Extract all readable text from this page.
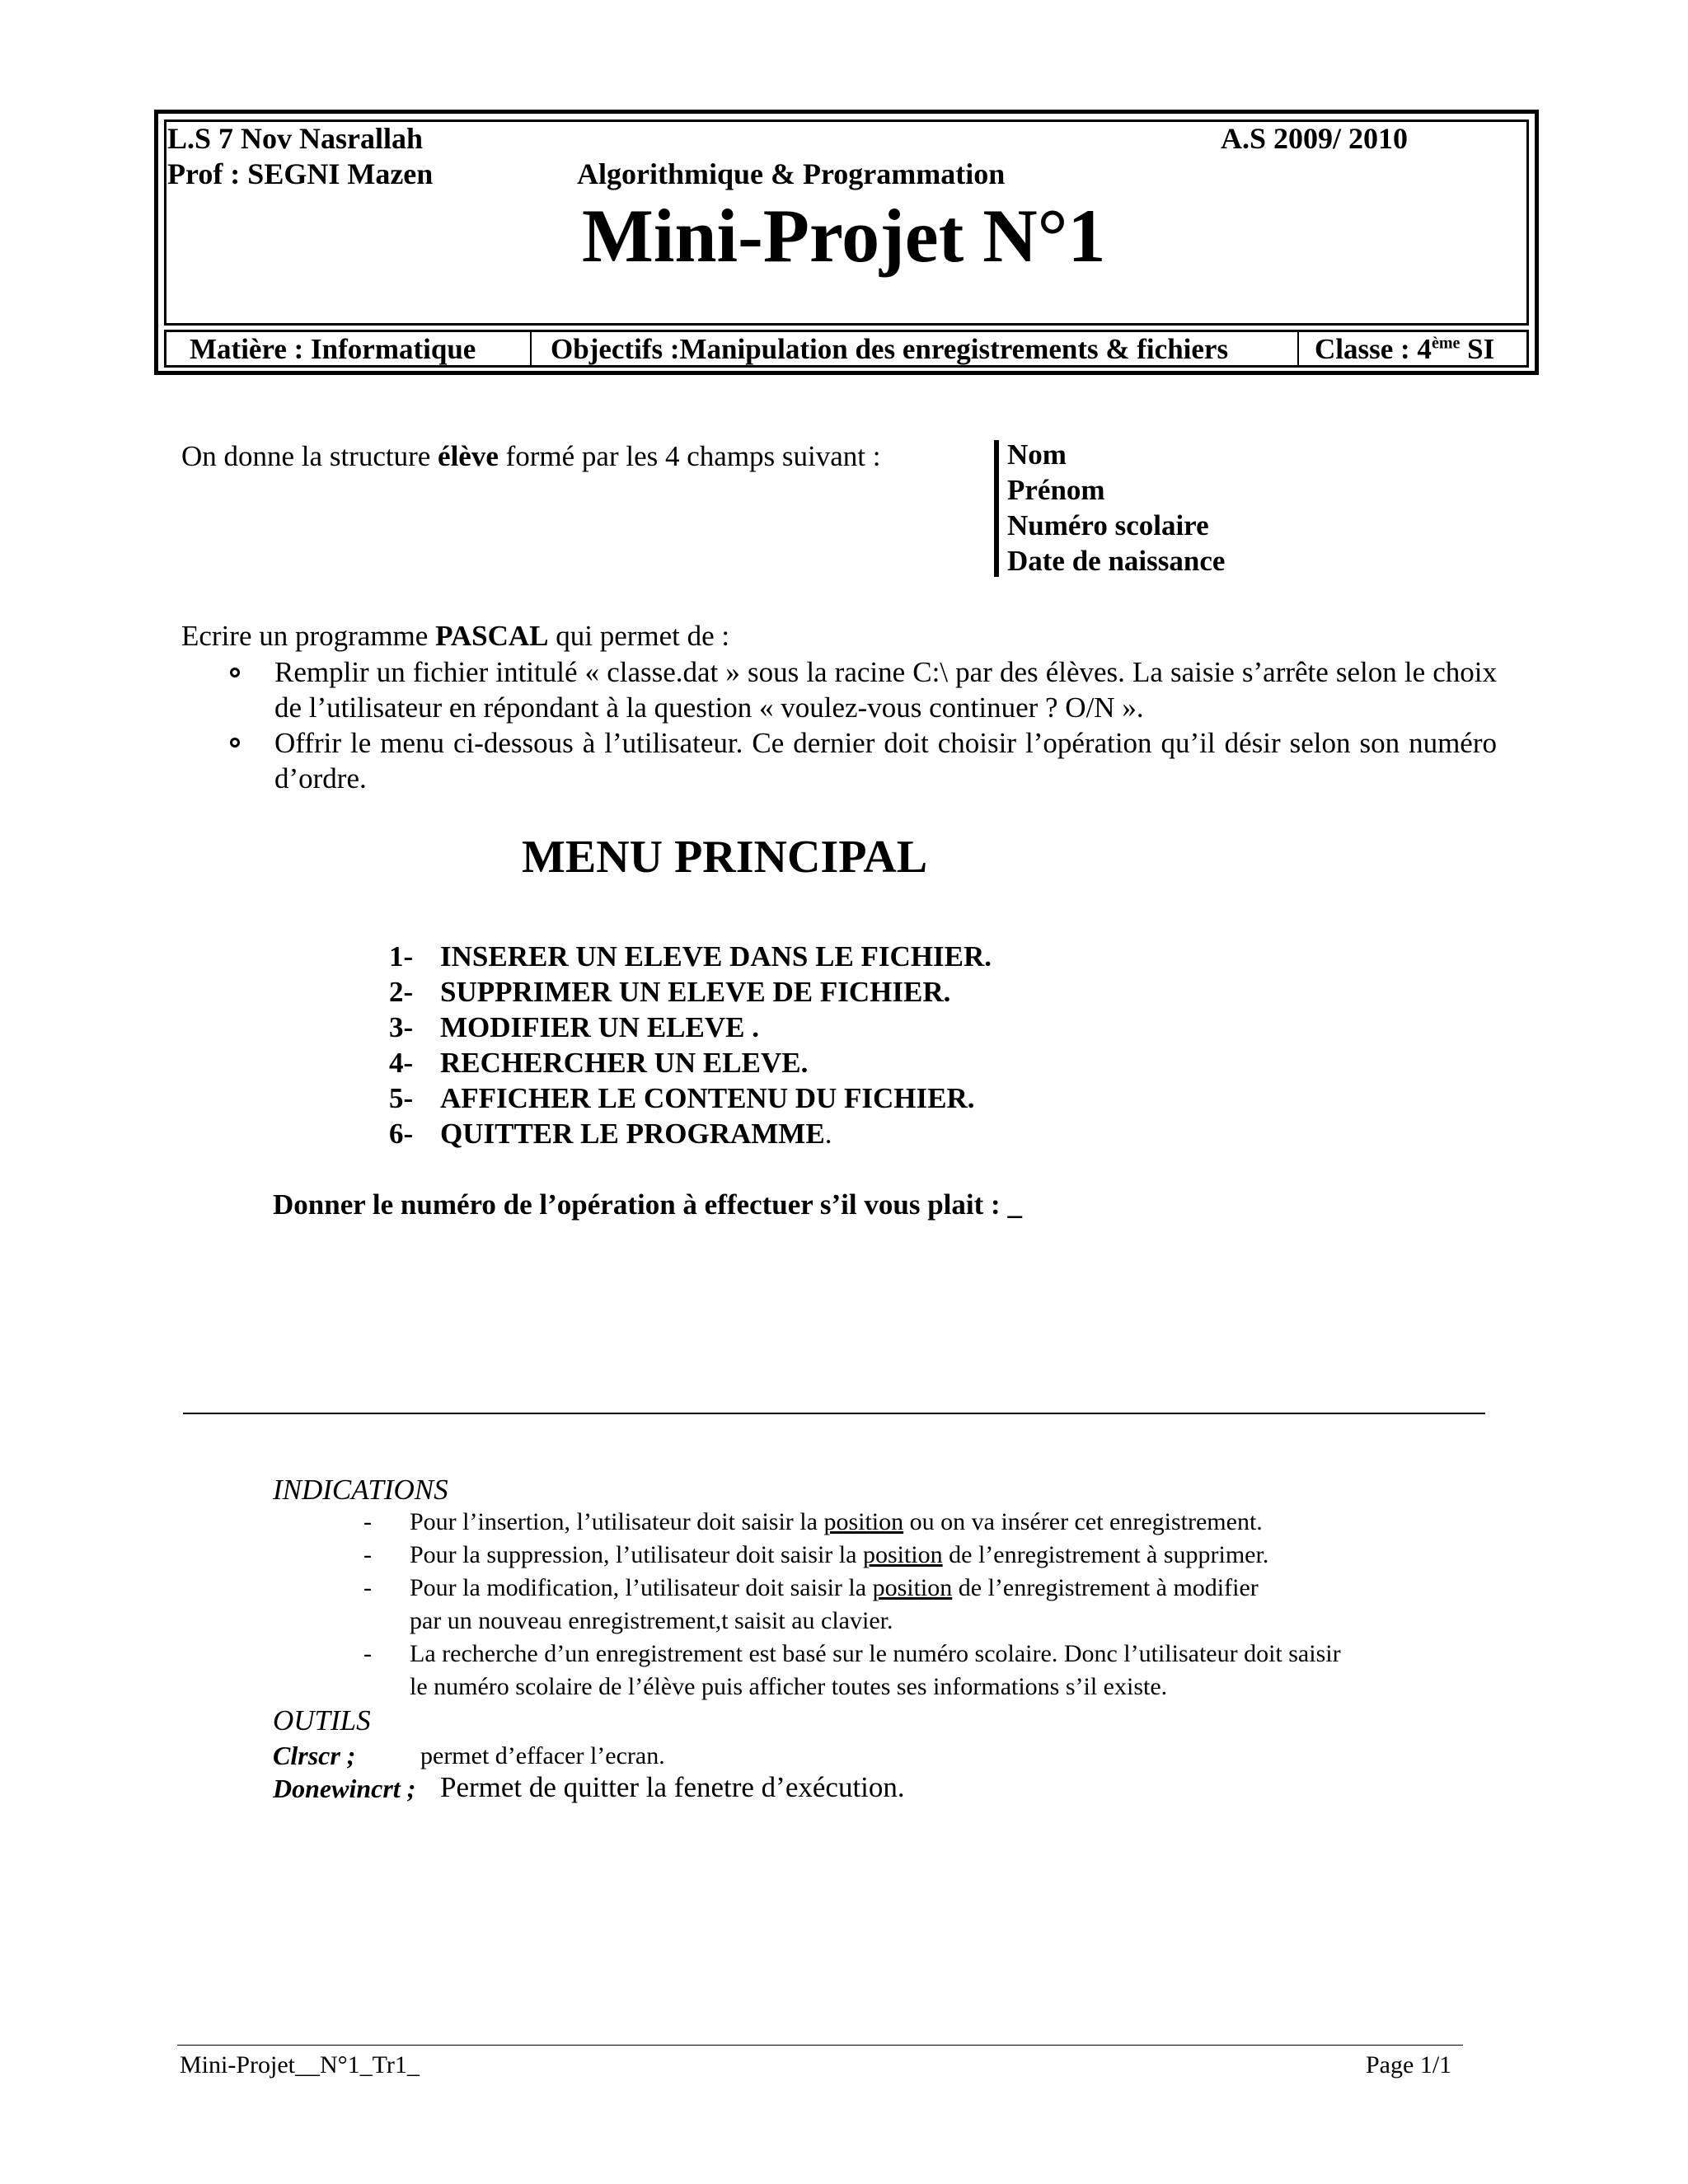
L.S 7 Nov Nasrallah	A.S 2009/ 2010
Prof : SEGNI Mazen	Algorithmique & Programmation
Mini-Projet N°1
Matière : Informatique	Objectifs :Manipulation des enregistrements & fichiers	Classe : 4ème SI
On donne la structure élève formé par les 4 champs suivant :	Nom
Prénom
Numéro scolaire
Date de naissance
Ecrire un programme PASCAL qui permet de :
Remplir un fichier intitulé « classe.dat » sous la racine C:\ par des élèves. La saisie s’arrête selon le choix de l’utilisateur en répondant à la question « voulez-vous continuer ? O/N ».
Offrir le menu ci-dessous à l’utilisateur. Ce dernier doit choisir l’opération qu’il désir selon son numéro d’ordre.
MENU PRINCIPAL
1- INSERER UN ELEVE DANS LE FICHIER.
2- SUPPRIMER UN ELEVE DE FICHIER.
3- MODIFIER UN ELEVE .
4- RECHERCHER UN ELEVE.
5- AFFICHER LE CONTENU DU FICHIER.
6- QUITTER LE PROGRAMME.
Donner le numéro de l’opération à effectuer s’il vous plait : _
INDICATIONS
- Pour l’insertion, l’utilisateur doit saisir la position ou on va insérer cet enregistrement.
- Pour la suppression, l’utilisateur doit saisir la position de l’enregistrement à supprimer.
- Pour la modification, l’utilisateur doit saisir la position de l’enregistrement à modifier
par un nouveau enregistrement,t saisit au clavier.
- La recherche d’un enregistrement est basé sur le numéro scolaire. Donc l’utilisateur doit saisir
le numéro scolaire de l’élève puis afficher toutes ses informations s’il existe.
OUTILS
Clrscr ;	permet d’effacer l’ecran.
Donewincrt ; Permet de quitter la fenetre d’exécution.
Mini-Projet__N°1_Tr1_	Page 1/1
